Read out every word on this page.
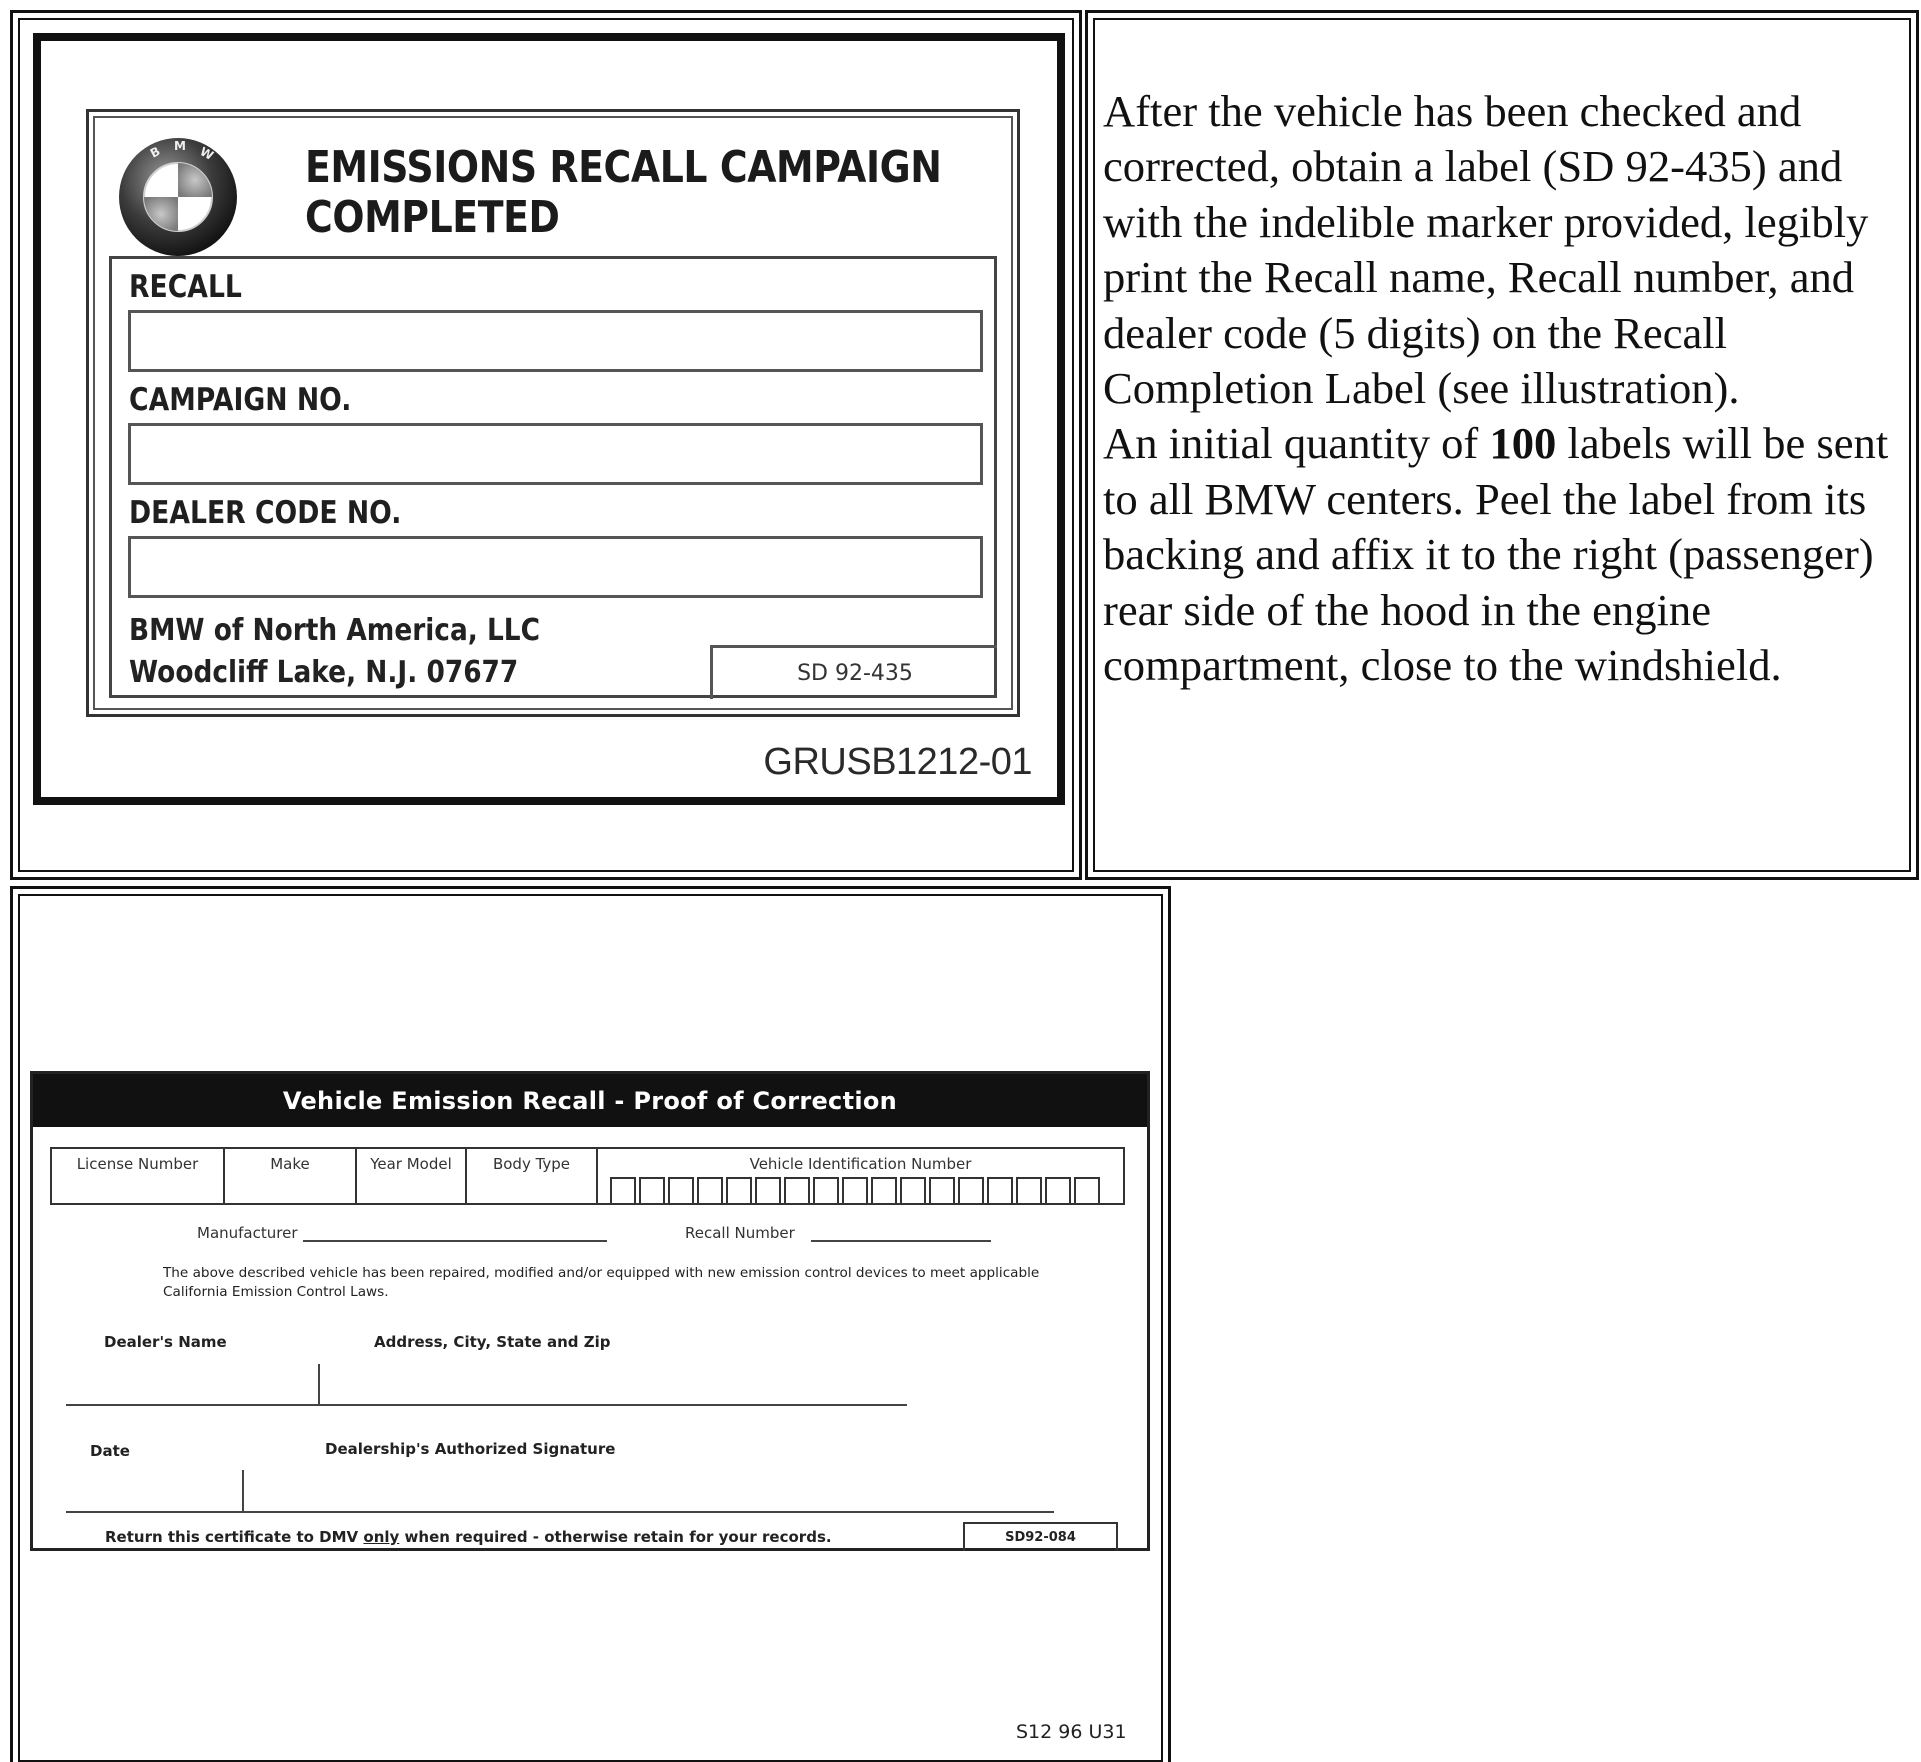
B M W EMISSIONS RECALL CAMPAIGN
COMPLETED
RECALL
CAMPAIGN NO.
DEALER CODE NO.
BMW of North America, LLC
Woodcliff Lake, N.J. 07677	SD 92-435
GRUSB1212-01
After the vehicle has been checked and corrected, obtain a label (SD 92-435) and with the indelible marker provided, legibly print the Recall name, Recall number, and dealer code (5 digits) on the Recall Completion Label (see illustration).
An initial quantity of 100 labels will be sent to all BMW centers. Peel the label from its backing and affix it to the right (passenger) rear side of the hood in the engine compartment, close to the windshield.
Vehicle Emission Recall - Proof of Correction
License Number	Make	Year Model	Body Type	Vehicle Identification Number
Manufacturer	Recall Number
The above described vehicle has been repaired, modified and/or equipped with new emission control devices to meet applicable California Emission Control Laws.
Dealer's Name	Address, City, State and Zip
Date	Dealership's Authorized Signature
Return this certificate to DMV only when required - otherwise retain for your records.	SD92-084
S12 96 U31
